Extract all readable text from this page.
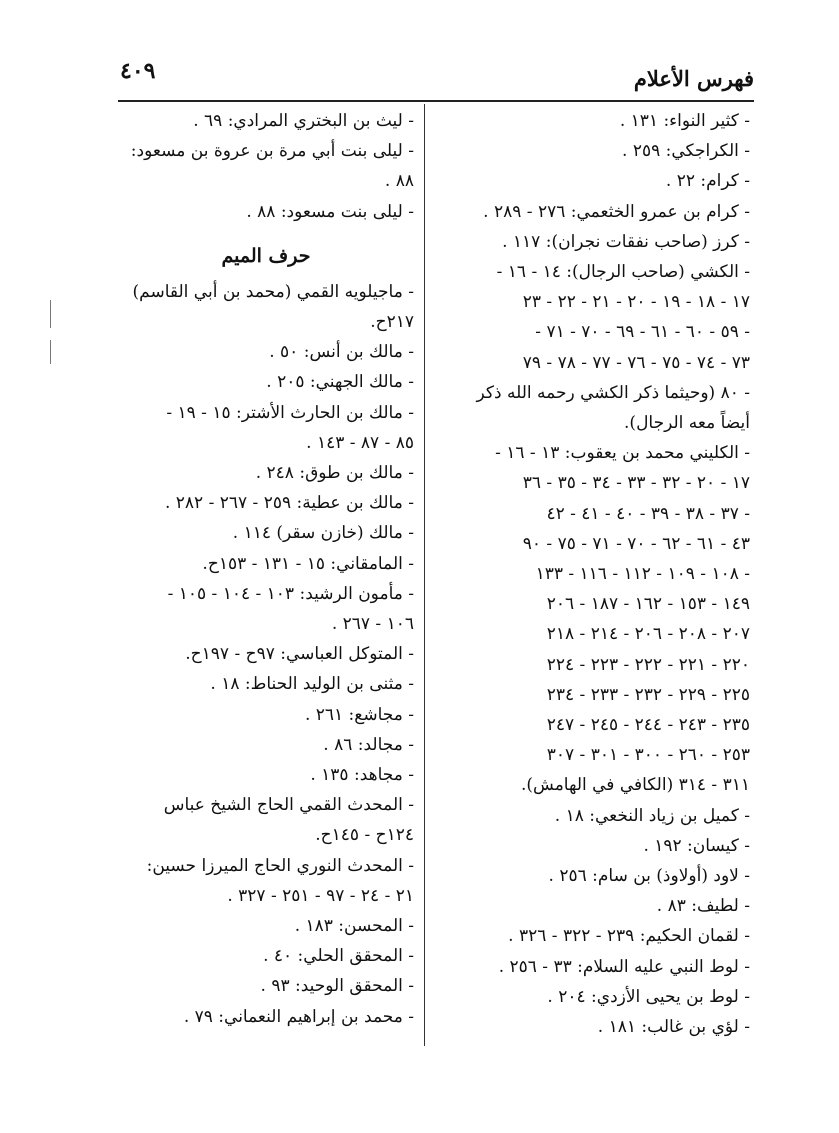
٤٠٩	فهرس الأعلام
- كثير النواء: ١٣١ .
- الكراجكي: ٢٥٩ .
- كرام: ٢٢ .
- كرام بن عمرو الخثعمي: ٢٧٦ - ٢٨٩ .
- كرز (صاحب نفقات نجران): ١١٧ .
- الكشي (صاحب الرجال): ١٤ - ١٦ -
١٧ - ١٨ - ١٩ - ٢٠ - ٢١ - ٢٢ - ٢٣
- ٥٩ - ٦٠ - ٦١ - ٦٩ - ٧٠ - ٧١ -
٧٣ - ٧٤ - ٧٥ - ٧٦ - ٧٧ - ٧٨ - ٧٩
- ٨٠ (وحيثما ذكر الكشي رحمه الله ذكر
أيضاً معه الرجال).
- الكليني محمد بن يعقوب: ١٣ - ١٦ -
١٧ - ٢٠ - ٣٢ - ٣٣ - ٣٤ - ٣٥ - ٣٦
- ٣٧ - ٣٨ - ٣٩ - ٤٠ - ٤١ - ٤٢
٤٣ - ٦١ - ٦٢ - ٧٠ - ٧١ - ٧٥ - ٩٠
- ١٠٨ - ١٠٩ - ١١٢ - ١١٦ - ١٣٣
١٤٩ - ١٥٣ - ١٦٢ - ١٨٧ - ٢٠٦
٢٠٧ - ٢٠٨ - ٢٠٦ - ٢١٤ - ٢١٨
٢٢٠ - ٢٢١ - ٢٢٢ - ٢٢٣ - ٢٢٤
٢٢٥ - ٢٢٩ - ٢٣٢ - ٢٣٣ - ٢٣٤
٢٣٥ - ٢٤٣ - ٢٤٤ - ٢٤٥ - ٢٤٧
٢٥٣ - ٢٦٠ - ٣٠٠ - ٣٠١ - ٣٠٧
٣١١ - ٣١٤ (الكافي في الهامش).
- كميل بن زياد النخعي: ١٨ .
- كيسان: ١٩٢ .
- لاود (أولاوذ) بن سام: ٢٥٦ .
- لطيف: ٨٣ .
- لقمان الحكيم: ٢٣٩ - ٣٢٢ - ٣٢٦ .
- لوط النبي عليه السلام: ٣٣ - ٢٥٦ .
- لوط بن يحيى الأزدي: ٢٠٤ .
- لؤي بن غالب: ١٨١ .
- ليث بن البختري المرادي: ٦٩ .
- ليلى بنت أبي مرة بن عروة بن مسعود:
٨٨ .
- ليلى بنت مسعود: ٨٨ .
حرف الميم
- ماجيلويه القمي (محمد بن أبي القاسم)
٢١٧ح.
- مالك بن أنس: ٥٠ .
- مالك الجهني: ٢٠٥ .
- مالك بن الحارث الأشتر: ١٥ - ١٩ -
٨٥ - ٨٧ - ١٤٣ .
- مالك بن طوق: ٢٤٨ .
- مالك بن عطية: ٢٥٩ - ٢٦٧ - ٢٨٢ .
- مالك (خازن سقر) ١١٤ .
- المامقاني: ١٥ - ١٣١ - ١٥٣ح.
- مأمون الرشيد: ١٠٣ - ١٠٤ - ١٠٥ -
١٠٦ - ٢٦٧ .
- المتوكل العباسي: ٩٧ح - ١٩٧ح.
- مثنى بن الوليد الحناط: ١٨ .
- مجاشع: ٢٦١ .
- مجالد: ٨٦ .
- مجاهد: ١٣٥ .
- المحدث القمي الحاج الشيخ عباس
١٢٤ح - ١٤٥ح.
- المحدث النوري الحاج الميرزا حسين:
٢١ - ٢٤ - ٩٧ - ٢٥١ - ٣٢٧ .
- المحسن: ١٨٣ .
- المحقق الحلي: ٤٠ .
- المحقق الوحيد: ٩٣ .
- محمد بن إبراهيم النعماني: ٧٩ .
